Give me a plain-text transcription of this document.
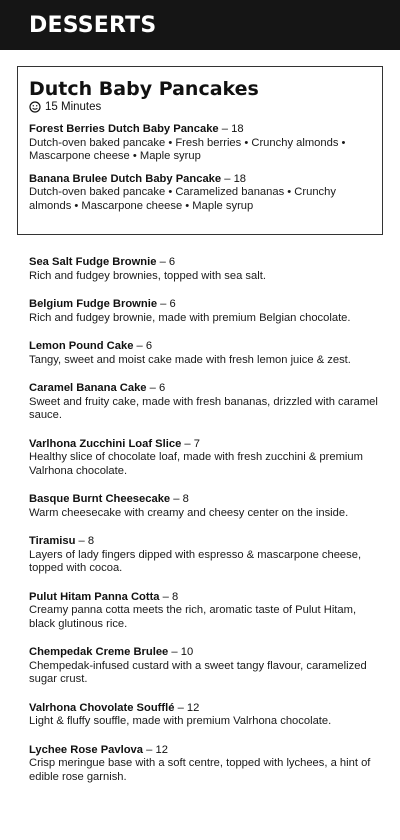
DESSERTS
Dutch Baby Pancakes
15 Minutes
Forest Berries Dutch Baby Pancake – 18
Dutch-oven baked pancake • Fresh berries • Crunchy almonds • Mascarpone cheese • Maple syrup
Banana Brulee Dutch Baby Pancake – 18
Dutch-oven baked pancake • Caramelized bananas • Crunchy almonds • Mascarpone cheese • Maple syrup
Sea Salt Fudge Brownie – 6
Rich and fudgey brownies, topped with sea salt.
Belgium Fudge Brownie – 6
Rich and fudgey brownie, made with premium Belgian chocolate.
Lemon Pound Cake – 6
Tangy, sweet and moist cake made with fresh lemon juice & zest.
Caramel Banana Cake – 6
Sweet and fruity cake, made with fresh bananas, drizzled with caramel sauce.
Varlhona Zucchini Loaf Slice – 7
Healthy slice of chocolate loaf, made with fresh zucchini & premium Valrhona chocolate.
Basque Burnt Cheesecake – 8
Warm cheesecake with creamy and cheesy center on the inside.
Tiramisu – 8
Layers of lady fingers dipped with espresso & mascarpone cheese, topped with cocoa.
Pulut Hitam Panna Cotta – 8
Creamy panna cotta meets the rich, aromatic taste of Pulut Hitam, black glutinous rice.
Chempedak Creme Brulee – 10
Chempedak-infused custard with a sweet tangy flavour, caramelized sugar crust.
Valrhona Chovolate Soufflé – 12
Light & fluffy souffle, made with premium Valrhona chocolate.
Lychee Rose Pavlova – 12
Crisp meringue base with a soft centre, topped with lychees, a hint of edible rose garnish.
